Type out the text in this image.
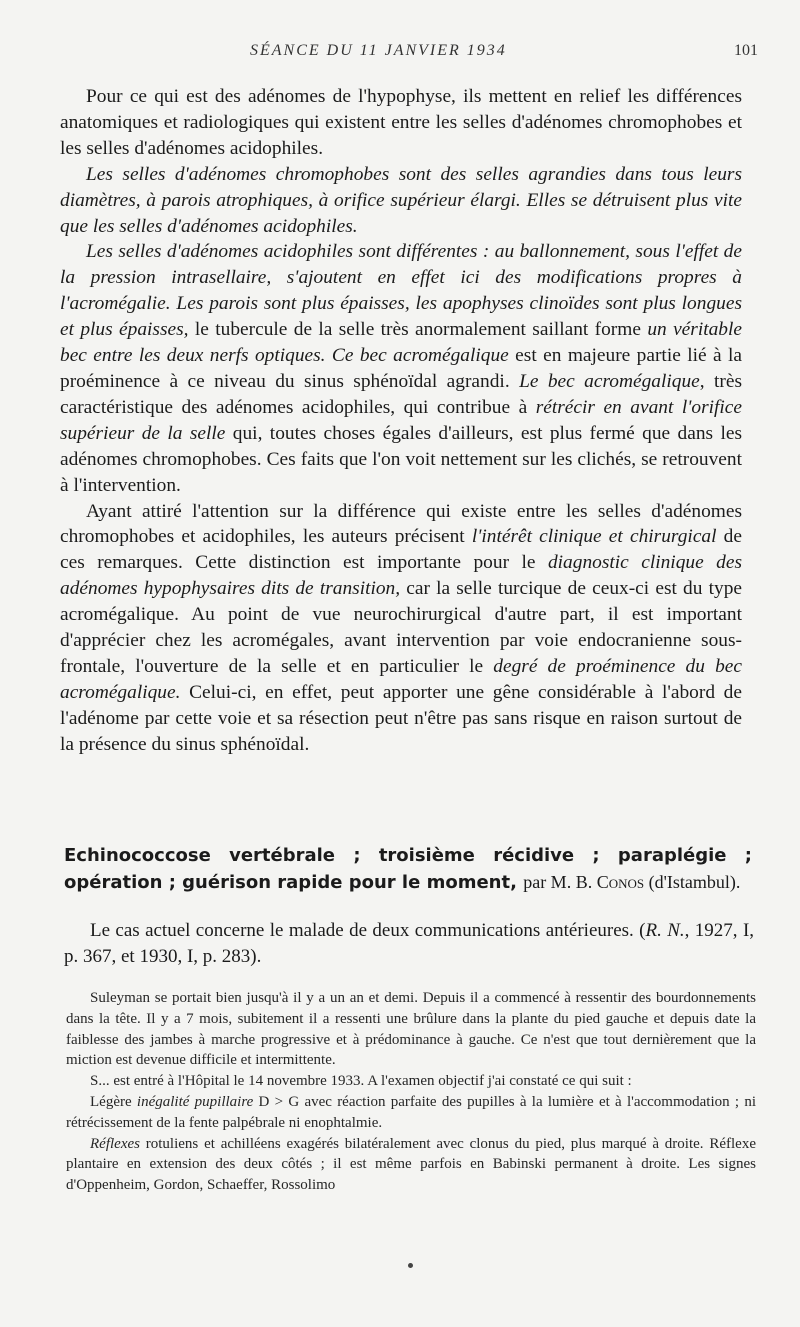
SÉANCE DU 11 JANVIER 1934	101

Pour ce qui est des adénomes de l'hypophyse, ils mettent en relief les différences anatomiques et radiologiques qui existent entre les selles d'adénomes chromophobes et les selles d'adénomes acidophiles.

Les selles d'adénomes chromophobes sont des selles agrandies dans tous leurs diamètres, à parois atrophiques, à orifice supérieur élargi. Elles se détruisent plus vite que les selles d'adénomes acidophiles.

Les selles d'adénomes acidophiles sont différentes : au ballonnement, sous l'effet de la pression intrasellaire, s'ajoutent en effet ici des modifications propres à l'acromégalie. Les parois sont plus épaisses, les apophyses clinoïdes sont plus longues et plus épaisses, le tubercule de la selle très anormalement saillant forme un véritable bec entre les deux nerfs optiques. Ce bec acromégalique est en majeure partie lié à la proéminence à ce niveau du sinus sphénoïdal agrandi. Le bec acromégalique, très caractéristique des adénomes acidophiles, qui contribue à rétrécir en avant l'orifice supérieur de la selle qui, toutes choses égales d'ailleurs, est plus fermé que dans les adénomes chromophobes. Ces faits que l'on voit nettement sur les clichés, se retrouvent à l'intervention.

Ayant attiré l'attention sur la différence qui existe entre les selles d'adénomes chromophobes et acidophiles, les auteurs précisent l'intérêt clinique et chirurgical de ces remarques. Cette distinction est importante pour le diagnostic clinique des adénomes hypophysaires dits de transition, car la selle turcique de ceux-ci est du type acromégalique. Au point de vue neurochirurgical d'autre part, il est important d'apprécier chez les acromégales, avant intervention par voie endocranienne sous-frontale, l'ouverture de la selle et en particulier le degré de proéminence du bec acromégalique. Celui-ci, en effet, peut apporter une gêne considérable à l'abord de l'adénome par cette voie et sa résection peut n'être pas sans risque en raison surtout de la présence du sinus sphénoïdal.

Echinococcose vertébrale ; troisième récidive ; paraplégie ; opération ; guérison rapide pour le moment, par M. B. Conos (d'Istambul).

Le cas actuel concerne le malade de deux communications antérieures. (R. N., 1927, I, p. 367, et 1930, I, p. 283).

Suleyman se portait bien jusqu'à il y a un an et demi. Depuis il a commencé à ressentir des bourdonnements dans la tête. Il y a 7 mois, subitement il a ressenti une brûlure dans la plante du pied gauche et depuis date la faiblesse des jambes à marche progressive et à prédominance à gauche. Ce n'est que tout dernièrement que la miction est devenue difficile et intermittente.

S... est entré à l'Hôpital le 14 novembre 1933. A l'examen objectif j'ai constaté ce qui suit :

Légère inégalité pupillaire D > G avec réaction parfaite des pupilles à la lumière et à l'accommodation ; ni rétrécissement de la fente palpébrale ni enophtalmie.

Réflexes rotuliens et achilléens exagérés bilatéralement avec clonus du pied, plus marqué à droite. Réflexe plantaire en extension des deux côtés ; il est même parfois en Babinski permanent à droite. Les signes d'Oppenheim, Gordon, Schaeffer, Rossolimo
